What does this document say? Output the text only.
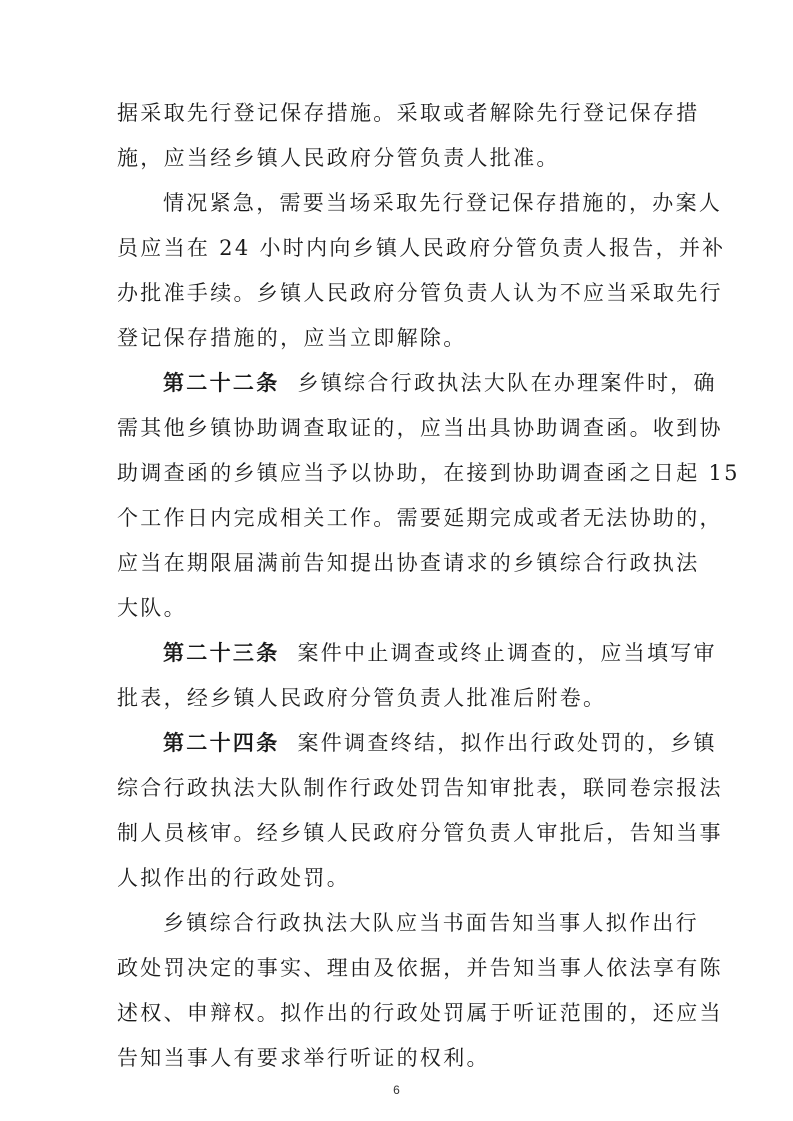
据采取先行登记保存措施。采取或者解除先行登记保存措
施，应当经乡镇人民政府分管负责人批准。
情况紧急，需要当场采取先行登记保存措施的，办案人
员应当在 24 小时内向乡镇人民政府分管负责人报告，并补
办批准手续。乡镇人民政府分管负责人认为不应当采取先行
登记保存措施的，应当立即解除。
第二十二条 乡镇综合行政执法大队在办理案件时，确
需其他乡镇协助调查取证的，应当出具协助调查函。收到协
助调查函的乡镇应当予以协助，在接到协助调查函之日起 15
个工作日内完成相关工作。需要延期完成或者无法协助的，
应当在期限届满前告知提出协查请求的乡镇综合行政执法
大队。
第二十三条 案件中止调查或终止调查的，应当填写审
批表，经乡镇人民政府分管负责人批准后附卷。
第二十四条 案件调查终结，拟作出行政处罚的，乡镇
综合行政执法大队制作行政处罚告知审批表，联同卷宗报法
制人员核审。经乡镇人民政府分管负责人审批后，告知当事
人拟作出的行政处罚。
乡镇综合行政执法大队应当书面告知当事人拟作出行
政处罚决定的事实、理由及依据，并告知当事人依法享有陈
述权、申辩权。拟作出的行政处罚属于听证范围的，还应当
告知当事人有要求举行听证的权利。
6
